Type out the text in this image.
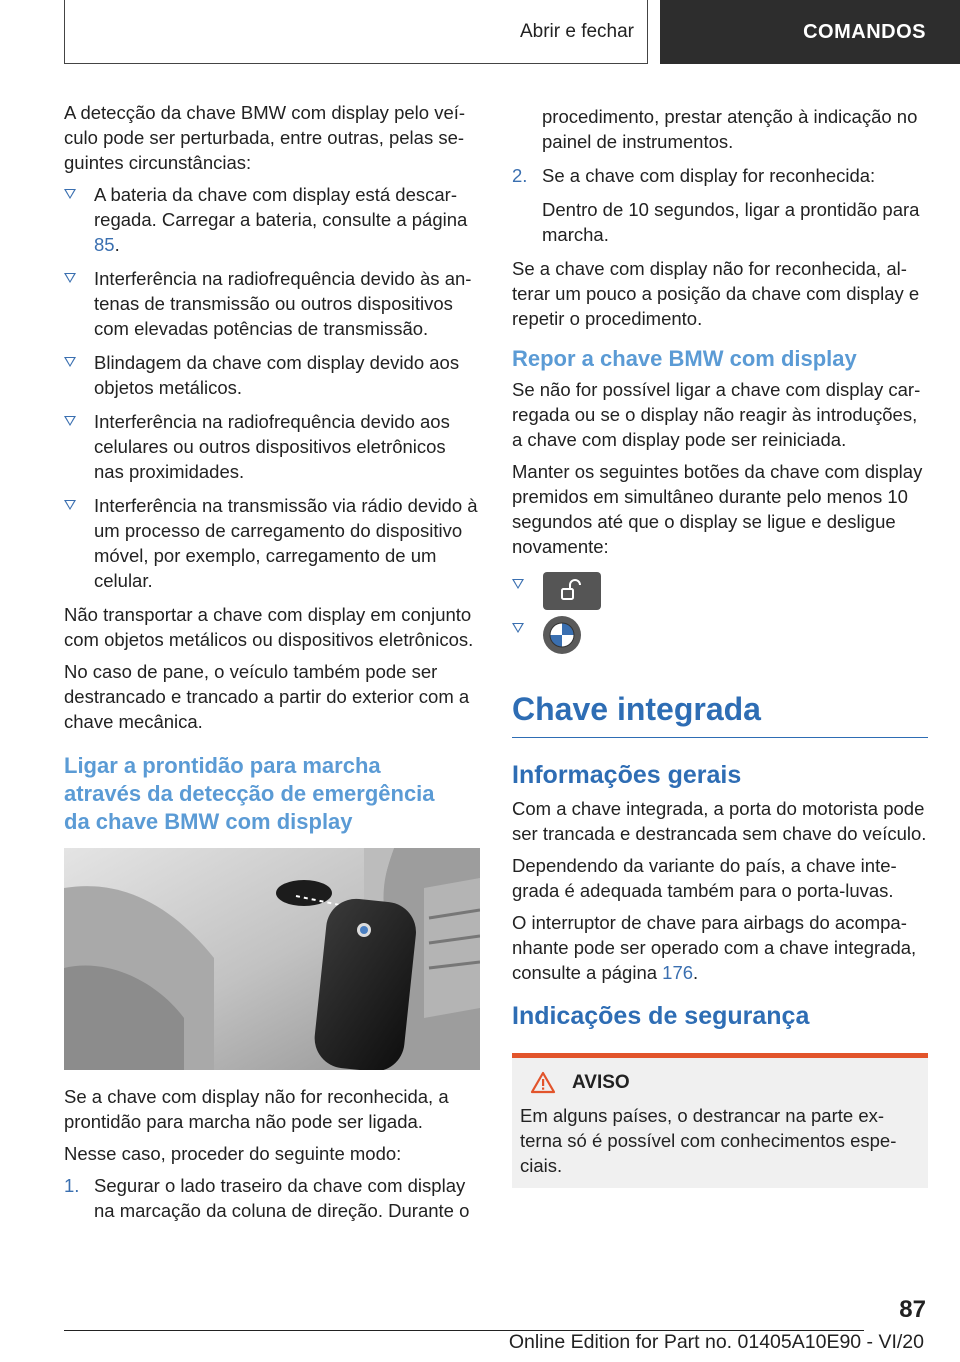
Abrir e fechar	COMANDOS

A detecção da chave BMW com display pelo veículo pode ser perturbada, entre outras, pelas seguintes circunstâncias:

A bateria da chave com display está descarregada. Carregar a bateria, consulte a página 85.
Interferência na radiofrequência devido às antenas de transmissão ou outros dispositivos com elevadas potências de transmissão.
Blindagem da chave com display devido aos objetos metálicos.
Interferência na radiofrequência devido aos celulares ou outros dispositivos eletrônicos nas proximidades.
Interferência na transmissão via rádio devido à um processo de carregamento do dispositivo móvel, por exemplo, carregamento de um celular.

Não transportar a chave com display em conjunto com objetos metálicos ou dispositivos eletrônicos.

No caso de pane, o veículo também pode ser destrancado e trancado a partir do exterior com a chave mecânica.

Ligar a prontidão para marcha
através da detecção de emergência
da chave BMW com display

Se a chave com display não for reconhecida, a prontidão para marcha não pode ser ligada.

Nesse caso, proceder do seguinte modo:

1. Segurar o lado traseiro da chave com display na marcação da coluna de direção. Durante o

procedimento, prestar atenção à indicação no painel de instrumentos.

2. Se a chave com display for reconhecida:

Dentro de 10 segundos, ligar a prontidão para marcha.

Se a chave com display não for reconhecida, alterar um pouco a posição da chave com display e repetir o procedimento.

Repor a chave BMW com display

Se não for possível ligar a chave com display carregada ou se o display não reagir às introduções, a chave com display pode ser reiniciada.

Manter os seguintes botões da chave com display premidos em simultâneo durante pelo menos 10 segundos até que o display se ligue e desligue novamente:

Chave integrada
Informações gerais

Com a chave integrada, a porta do motorista pode ser trancada e destrancada sem chave do veículo.

Dependendo da variante do país, a chave integrada é adequada também para o porta-luvas.

O interruptor de chave para airbags do acompanhante pode ser operado com a chave integrada, consulte a página 176.

Indicações de segurança
AVISO

Em alguns países, o destrancar na parte externa só é possível com conhecimentos especiais.

87
Online Edition for Part no. 01405A10E90 - VI/20
